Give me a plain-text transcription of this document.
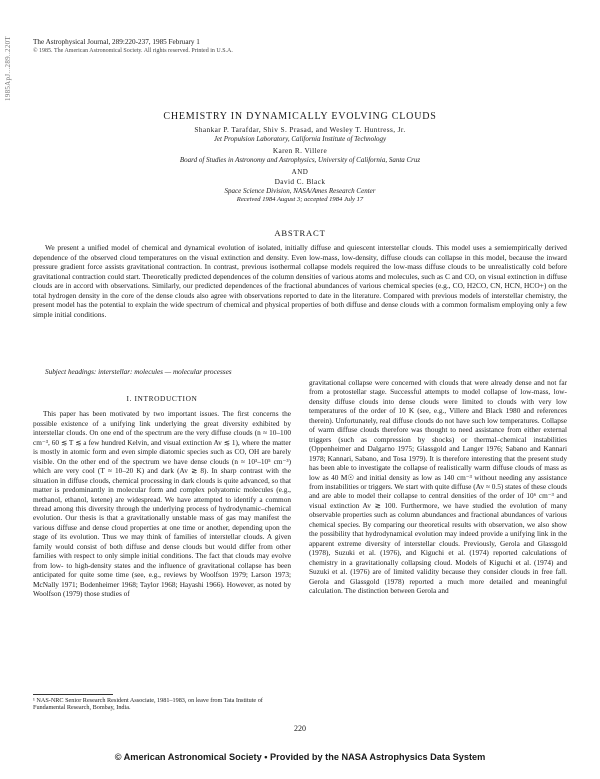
1985ApJ...289..220T	The Astrophysical Journal, 289:220-237, 1985 February 1
© 1985. The American Astronomical Society. All rights reserved. Printed in U.S.A.
CHEMISTRY IN DYNAMICALLY EVOLVING CLOUDS
Shankar P. Tarafdar, Shiv S. Prasad, and Wesley T. Huntress, Jr.
Jet Propulsion Laboratory, California Institute of Technology
Karen R. Villere
Board of Studies in Astronomy and Astrophysics, University of California, Santa Cruz
AND
David C. Black
Space Science Division, NASA/Ames Research Center
Received 1984 August 3; accepted 1984 July 17
ABSTRACT

We present a unified model of chemical and dynamical evolution of isolated, initially diffuse and quiescent interstellar clouds. This model uses a semiempirically derived dependence of the observed cloud temperatures on the visual extinction and density. Even low-mass, low-density, diffuse clouds can collapse in this model, because the inward pressure gradient force assists gravitational contraction. In contrast, previous isothermal collapse models required the low-mass diffuse clouds to be unrealistically cold before gravitational contraction could start. Theoretically predicted dependences of the column densities of various atoms and molecules, such as C and CO, on visual extinction in diffuse clouds are in accord with observations. Similarly, our predicted dependences of the fractional abundances of various chemical species (e.g., CO, H2CO, CN, HCN, HCO+) on the total hydrogen density in the core of the dense clouds also agree with observations reported to date in the literature. Compared with previous models of interstellar chemistry, the present model has the potential to explain the wide spectrum of chemical and physical properties of both diffuse and dense clouds with a common formalism employing only a few simple initial conditions.

Subject headings: interstellar: molecules — molecular processes
I. INTRODUCTION

This paper has been motivated by two important issues. The first concerns the possible existence of a unifying link underlying the great diversity exhibited by interstellar clouds. On one end of the spectrum are the very diffuse clouds (n ≈ 10–100 cm⁻³, 60 ≲ T ≲ a few hundred Kelvin, and visual extinction Av ≲ 1), where the matter is mostly in atomic form and even simple diatomic species such as CO, OH are barely visible. On the other end of the spectrum we have dense clouds (n ≈ 10³–10⁵ cm⁻³) which are very cool (T ≈ 10–20 K) and dark (Av ≳ 8). In sharp contrast with the situation in diffuse clouds, chemical processing in dark clouds is quite advanced, so that matter is predominantly in molecular form and complex polyatomic molecules (e.g., methanol, ethanol, ketene) are widespread. We have attempted to identify a common thread among this diversity through the underlying process of hydrodynamic–chemical evolution. Our thesis is that a gravitationally unstable mass of gas may manifest the various diffuse and dense cloud properties at one time or another, depending upon the stage of its evolution. Thus we may think of families of interstellar clouds. A given family would consist of both diffuse and dense clouds but would differ from other families with respect to only simple initial conditions. The fact that clouds may evolve from low- to high-density states and the influence of gravitational collapse has been anticipated for quite some time (see, e.g., reviews by Woolfson 1979; Larson 1973; McNally 1971; Bodenheimer 1968; Taylor 1968; Hayashi 1966). However, as noted by Woolfson (1979) those studies of

gravitational collapse were concerned with clouds that were already dense and not far from a protostellar stage. Successful attempts to model collapse of low-mass, low-density diffuse clouds into dense clouds were limited to clouds with very low temperatures of the order of 10 K (see, e.g., Villere and Black 1980 and references therein). Unfortunately, real diffuse clouds do not have such low temperatures. Collapse of warm diffuse clouds therefore was thought to need assistance from either external triggers (such as compression by shocks) or thermal–chemical instabilities (Oppenheimer and Dalgarno 1975; Glassgold and Langer 1976; Sabano and Kannari 1978; Kannari, Sabano, and Tosa 1979). It is therefore interesting that the present study has been able to investigate the collapse of realistically warm diffuse clouds of mass as low as 40 M☉ and initial density as low as 140 cm⁻³ without needing any assistance from instabilities or triggers. We start with quite diffuse (Av ≈ 0.5) states of these clouds and are able to model their collapse to central densities of the order of 10⁶ cm⁻³ and visual extinction Av ≳ 100. Furthermore, we have studied the evolution of many observable properties such as column abundances and fractional abundances of various chemical species. By comparing our theoretical results with observation, we also show the possibility that hydrodynamical evolution may indeed provide a unifying link in the apparent extreme diversity of interstellar clouds. Previously, Gerola and Glassgold (1978), Suzuki et al. (1976), and Kiguchi et al. (1974) reported calculations of chemistry in a gravitationally collapsing cloud. Models of Kiguchi et al. (1974) and Suzuki et al. (1976) are of limited validity because they consider clouds in free fall. Gerola and Glassgold (1978) reported a much more detailed and meaningful calculation. The distinction between Gerola and

¹ NAS-NRC Senior Research Resident Associate, 1981–1983, on leave from Tata Institute of Fundamental Research, Bombay, India.
220
© American Astronomical Society • Provided by the NASA Astrophysics Data System
